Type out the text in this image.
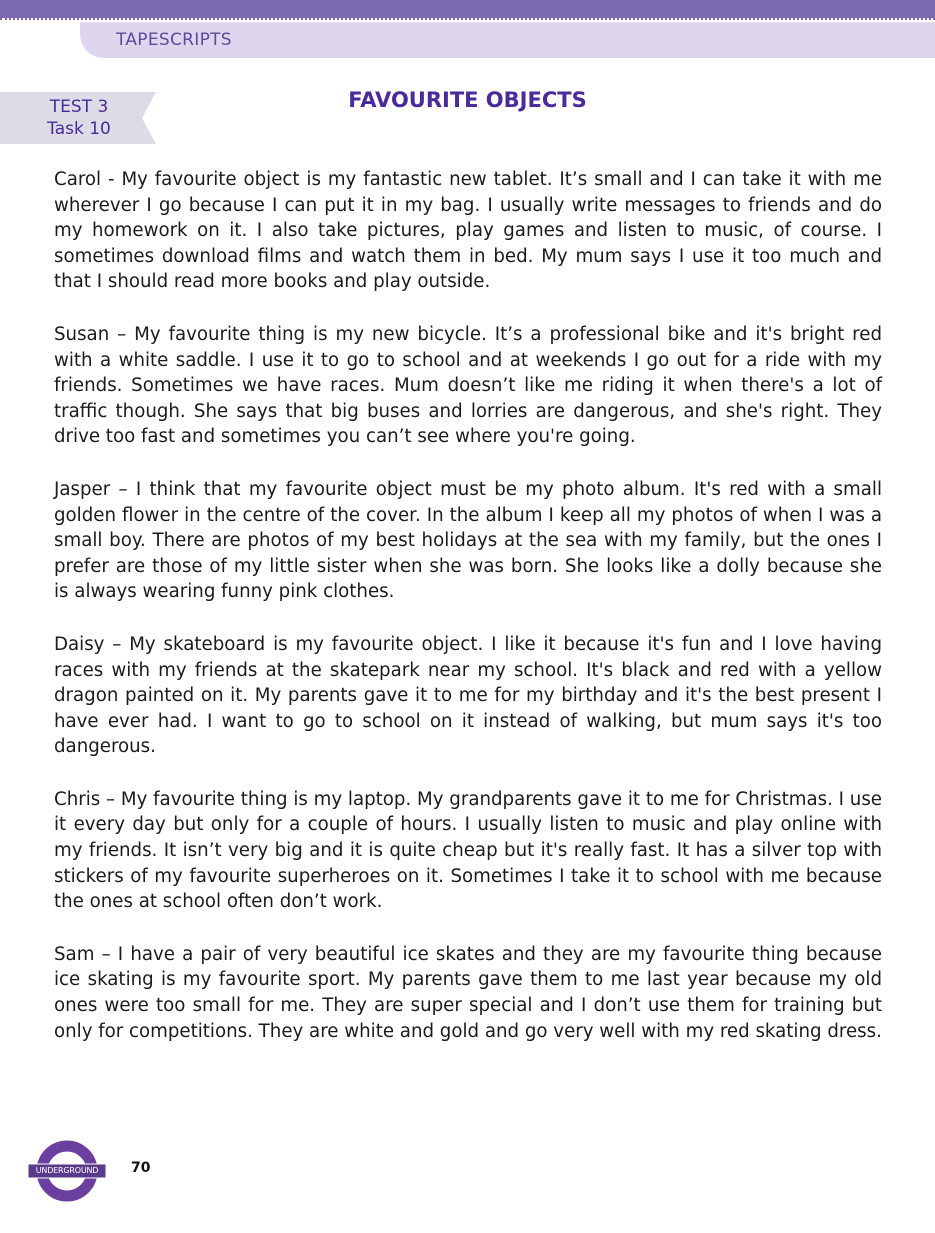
TAPESCRIPTS
TEST 3
Task 10
FAVOURITE OBJECTS

Carol - My favourite object is my fantastic new tablet. It’s small and I can take it with me wherever I go because I can put it in my bag. I usually write messages to friends and do my homework on it. I also take pictures, play games and listen to music, of course. I sometimes download films and watch them in bed. My mum says I use it too much and that I should read more books and play outside.

Susan – My favourite thing is my new bicycle. It’s a professional bike and it's bright red with a white saddle. I use it to go to school and at weekends I go out for a ride with my friends. Sometimes we have races. Mum doesn’t like me riding it when there's a lot of traffic though. She says that big buses and lorries are dangerous, and she's right. They drive too fast and sometimes you can’t see where you're going.

Jasper – I think that my favourite object must be my photo album. It's red with a small golden flower in the centre of the cover. In the album I keep all my photos of when I was a small boy. There are photos of my best holidays at the sea with my family, but the ones I prefer are those of my little sister when she was born. She looks like a dolly because she is always wearing funny pink clothes.

Daisy – My skateboard is my favourite object. I like it because it's fun and I love having races with my friends at the skatepark near my school. It's black and red with a yellow dragon painted on it. My parents gave it to me for my birthday and it's the best present I have ever had. I want to go to school on it instead of walking, but mum says it's too dangerous.

Chris – My favourite thing is my laptop. My grandparents gave it to me for Christmas. I use it every day but only for a couple of hours. I usually listen to music and play online with my friends. It isn’t very big and it is quite cheap but it's really fast. It has a silver top with stickers of my favourite superheroes on it. Sometimes I take it to school with me because the ones at school often don’t work.

Sam – I have a pair of very beautiful ice skates and they are my favourite thing because ice skating is my favourite sport. My parents gave them to me last year because my old ones were too small for me. They are super special and I don’t use them for training but only for competitions. They are white and gold and go very well with my red skating dress.

UNDERGROUND	70
